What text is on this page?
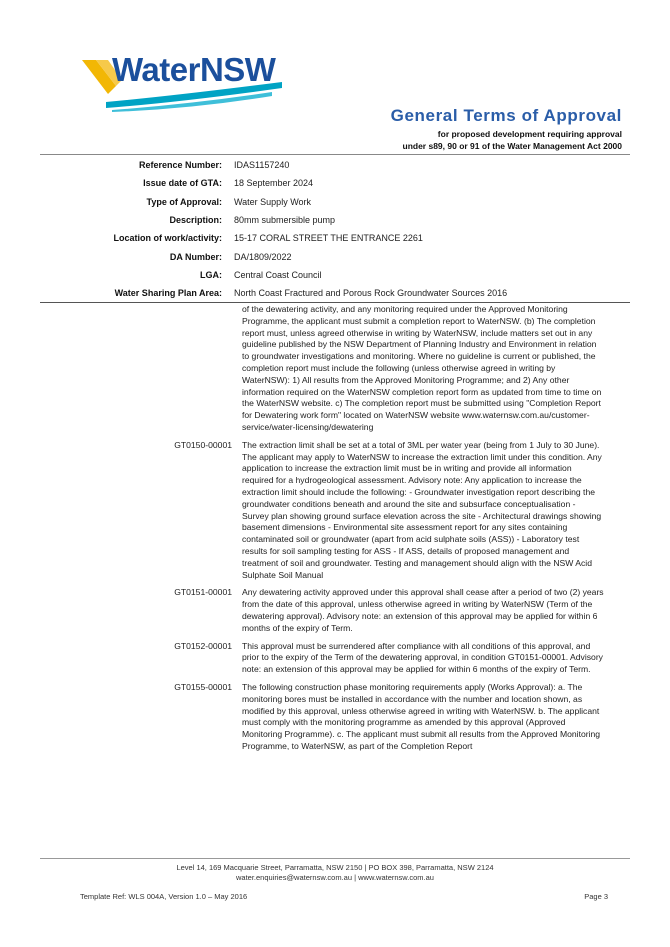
WaterNSW
General Terms of Approval
for proposed development requiring approval
under s89, 90 or 91 of the Water Management Act 2000
Reference Number:	IDAS1157240
Issue date of GTA:	18 September 2024
Type of Approval:	Water Supply Work
Description:	80mm submersible pump
Location of work/activity:	15-17 CORAL STREET THE ENTRANCE 2261
DA Number:	DA/1809/2022
LGA:	Central Coast Council
Water Sharing Plan Area:	North Coast Fractured and Porous Rock Groundwater Sources 2016
of the dewatering activity, and any monitoring required under the Approved Monitoring Programme, the applicant must submit a completion report to WaterNSW. (b) The completion report must, unless agreed otherwise in writing by WaterNSW, include matters set out in any guideline published by the NSW Department of Planning Industry and Environment in relation to groundwater investigations and monitoring. Where no guideline is current or published, the completion report must include the following (unless otherwise agreed in writing by WaterNSW): 1) All results from the Approved Monitoring Programme; and 2) Any other information required on the WaterNSW completion report form as updated from time to time on the WaterNSW website. c) The completion report must be submitted using "Completion Report for Dewatering work form" located on WaterNSW website www.waternsw.com.au/customer-service/water-licensing/dewatering
GT0150-00001	The extraction limit shall be set at a total of 3ML per water year (being from 1 July to 30 June). The applicant may apply to WaterNSW to increase the extraction limit under this condition. Any application to increase the extraction limit must be in writing and provide all information required for a hydrogeological assessment. Advisory note: Any application to increase the extraction limit should include the following: - Groundwater investigation report describing the groundwater conditions beneath and around the site and subsurface conceptualisation - Survey plan showing ground surface elevation across the site - Architectural drawings showing basement dimensions - Environmental site assessment report for any sites containing contaminated soil or groundwater (apart from acid sulphate soils (ASS)) - Laboratory test results for soil sampling testing for ASS - If ASS, details of proposed management and treatment of soil and groundwater. Testing and management should align with the NSW Acid Sulphate Soil Manual
GT0151-00001	Any dewatering activity approved under this approval shall cease after a period of two (2) years from the date of this approval, unless otherwise agreed in writing by WaterNSW (Term of the dewatering approval). Advisory note: an extension of this approval may be applied for within 6 months of the expiry of Term.
GT0152-00001	This approval must be surrendered after compliance with all conditions of this approval, and prior to the expiry of the Term of the dewatering approval, in condition GT0151-00001. Advisory note: an extension of this approval may be applied for within 6 months of the expiry of Term.
GT0155-00001	The following construction phase monitoring requirements apply (Works Approval): a. The monitoring bores must be installed in accordance with the number and location shown, as modified by this approval, unless otherwise agreed in writing with WaterNSW. b. The applicant must comply with the monitoring programme as amended by this approval (Approved Monitoring Programme). c. The applicant must submit all results from the Approved Monitoring Programme, to WaterNSW, as part of the Completion Report
Level 14, 169 Macquarie Street, Parramatta, NSW 2150 | PO BOX 398, Parramatta, NSW 2124
water.enquiries@waternsw.com.au | www.waternsw.com.au
Template Ref: WLS 004A, Version 1.0 – May 2016	Page 3
